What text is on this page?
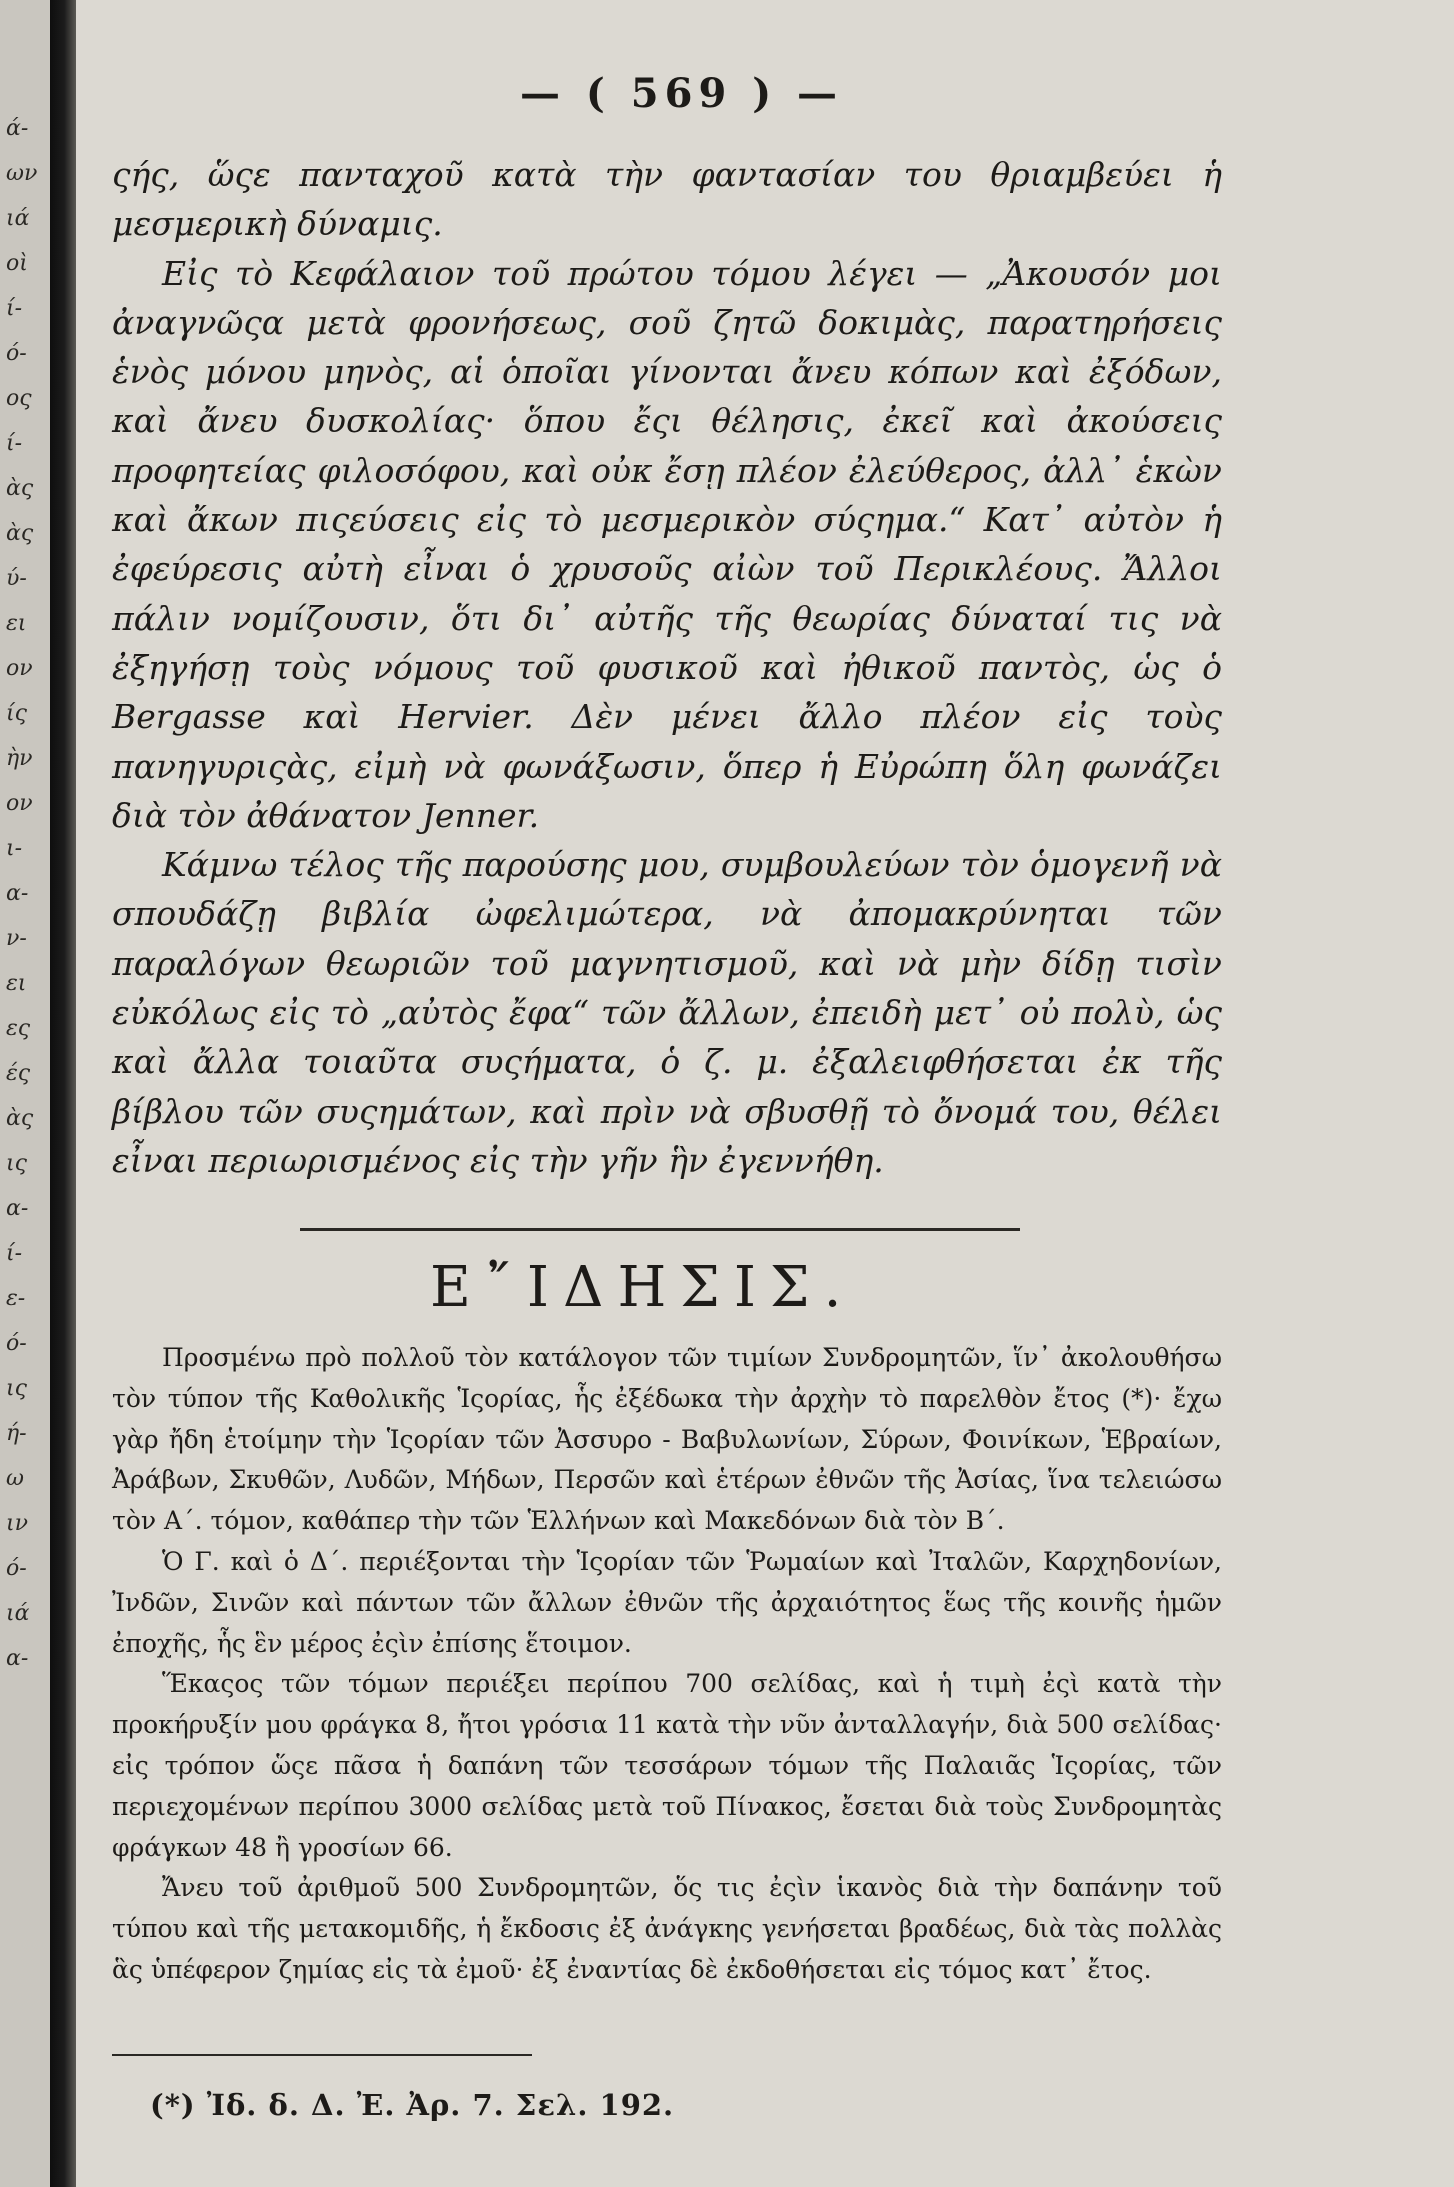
ά-
ων
ιά
οὶ
ί-
ό-
ος
ί-
ὰς
ὰς
ύ-
ει
ον
ίς
ὴν
ον
ι-
α-
ν-
ει
ες
ές
ὰς
ις
α-
ί-
ε-
ό-
ις
ή-
ω
ιν
ό-
ιά
α-
— ( 569 ) —

ςής, ὥςε πανταχοῦ κατὰ τὴν φαντασίαν του θριαμβεύει ἡ μεσμερικὴ δύναμις.

Εἰς τὸ Κεφάλαιον τοῦ πρώτου τόμου λέγει — „Ἀκουσόν μοι ἀναγνῶςα μετὰ φρονήσεως, σοῦ ζητῶ δοκιμὰς, παρατηρήσεις ἑνὸς μόνου μηνὸς, αἱ ὁποῖαι γίνονται ἄνευ κόπων καὶ ἐξόδων, καὶ ἄνευ δυσκολίας· ὅπου ἔςι θέλησις, ἐκεῖ καὶ ἀκούσεις προφητείας φιλοσόφου, καὶ οὐκ ἔσῃ πλέον ἐλεύθερος, ἀλλ᾽ ἑκὼν καὶ ἄκων πιςεύσεις εἰς τὸ μεσμερικὸν σύςημα.“ Κατ᾽ αὐτὸν ἡ ἐφεύρεσις αὐτὴ εἶναι ὁ χρυσοῦς αἰὼν τοῦ Περικλέους. Ἄλλοι πάλιν νομίζουσιν, ὅτι δι᾽ αὐτῆς τῆς θεωρίας δύναταί τις νὰ ἐξηγήσῃ τοὺς νόμους τοῦ φυσικοῦ καὶ ἠθικοῦ παντὸς, ὡς ὁ Bergasse καὶ Hervier. Δὲν μένει ἄλλο πλέον εἰς τοὺς πανηγυριςὰς, εἰμὴ νὰ φωνάξωσιν, ὅπερ ἡ Εὐρώπη ὅλη φωνάζει διὰ τὸν ἀθάνατον Jenner.

Κάμνω τέλος τῆς παρούσης μου, συμβουλεύων τὸν ὁμογενῆ νὰ σπουδάζῃ βιβλία ὠφελιμώτερα, νὰ ἀπομακρύνηται τῶν παραλόγων θεωριῶν τοῦ μαγνητισμοῦ, καὶ νὰ μὴν δίδῃ τισὶν εὐκόλως εἰς τὸ „αὐτὸς ἔφα“ τῶν ἄλλων, ἐπειδὴ μετ᾽ οὐ πολὺ, ὡς καὶ ἄλλα τοιαῦτα συςήματα, ὁ ζ. μ. ἐξαλειφθήσεται ἐκ τῆς βίβλου τῶν συςημάτων, καὶ πρὶν νὰ σβυσθῇ τὸ ὄνομά του, θέλει εἶναι περιωρισμένος εἰς τὴν γῆν ἣν ἐγεννήθη.

Ε῎ΙΔΗΣΙΣ.

Προσμένω πρὸ πολλοῦ τὸν κατάλογον τῶν τιμίων Συνδρομητῶν, ἵν᾽ ἀκολουθήσω τὸν τύπον τῆς Καθολικῆς Ἱςορίας, ἧς ἐξέδωκα τὴν ἀρχὴν τὸ παρελθὸν ἔτος (*)· ἔχω γὰρ ἤδη ἑτοίμην τὴν Ἱςορίαν τῶν Ἀσσυρο - Βαβυλωνίων, Σύρων, Φοινίκων, Ἑβραίων, Ἀράβων, Σκυθῶν, Λυδῶν, Μήδων, Περσῶν καὶ ἑτέρων ἐθνῶν τῆς Ἀσίας, ἵνα τελειώσω τὸν Α΄. τόμον, καθάπερ τὴν τῶν Ἑλλήνων καὶ Μακεδόνων διὰ τὸν Β΄.

Ὁ Γ. καὶ ὁ Δ΄. περιέξονται τὴν Ἱςορίαν τῶν Ῥωμαίων καὶ Ἰταλῶν, Καρχηδονίων, Ἰνδῶν, Σινῶν καὶ πάντων τῶν ἄλλων ἐθνῶν τῆς ἀρχαιότητος ἕως τῆς κοινῆς ἡμῶν ἐποχῆς, ἧς ἓν μέρος ἐςὶν ἐπίσης ἕτοιμον.

Ἕκαςος τῶν τόμων περιέξει περίπου 700 σελίδας, καὶ ἡ τιμὴ ἐςὶ κατὰ τὴν προκήρυξίν μου φράγκα 8, ἤτοι γρόσια 11 κατὰ τὴν νῦν ἀνταλλαγήν, διὰ 500 σελίδας· εἰς τρόπον ὥςε πᾶσα ἡ δαπάνη τῶν τεσσάρων τόμων τῆς Παλαιᾶς Ἱςορίας, τῶν περιεχομένων περίπου 3000 σελίδας μετὰ τοῦ Πίνακος, ἔσεται διὰ τοὺς Συνδρομητὰς φράγκων 48 ἢ γροσίων 66.

Ἄνευ τοῦ ἀριθμοῦ 500 Συνδρομητῶν, ὅς τις ἐςὶν ἱκανὸς διὰ τὴν δαπάνην τοῦ τύπου καὶ τῆς μετακομιδῆς, ἡ ἔκδοσις ἐξ ἀνάγκης γενήσεται βραδέως, διὰ τὰς πολλὰς ἃς ὑπέφερον ζημίας εἰς τὰ ἐμοῦ· ἐξ ἐναντίας δὲ ἐκδοθήσεται εἰς τόμος κατ᾽ ἔτος.

(*) Ἰδ. δ. Δ. Ἐ. Ἀρ. 7. Σελ. 192.
